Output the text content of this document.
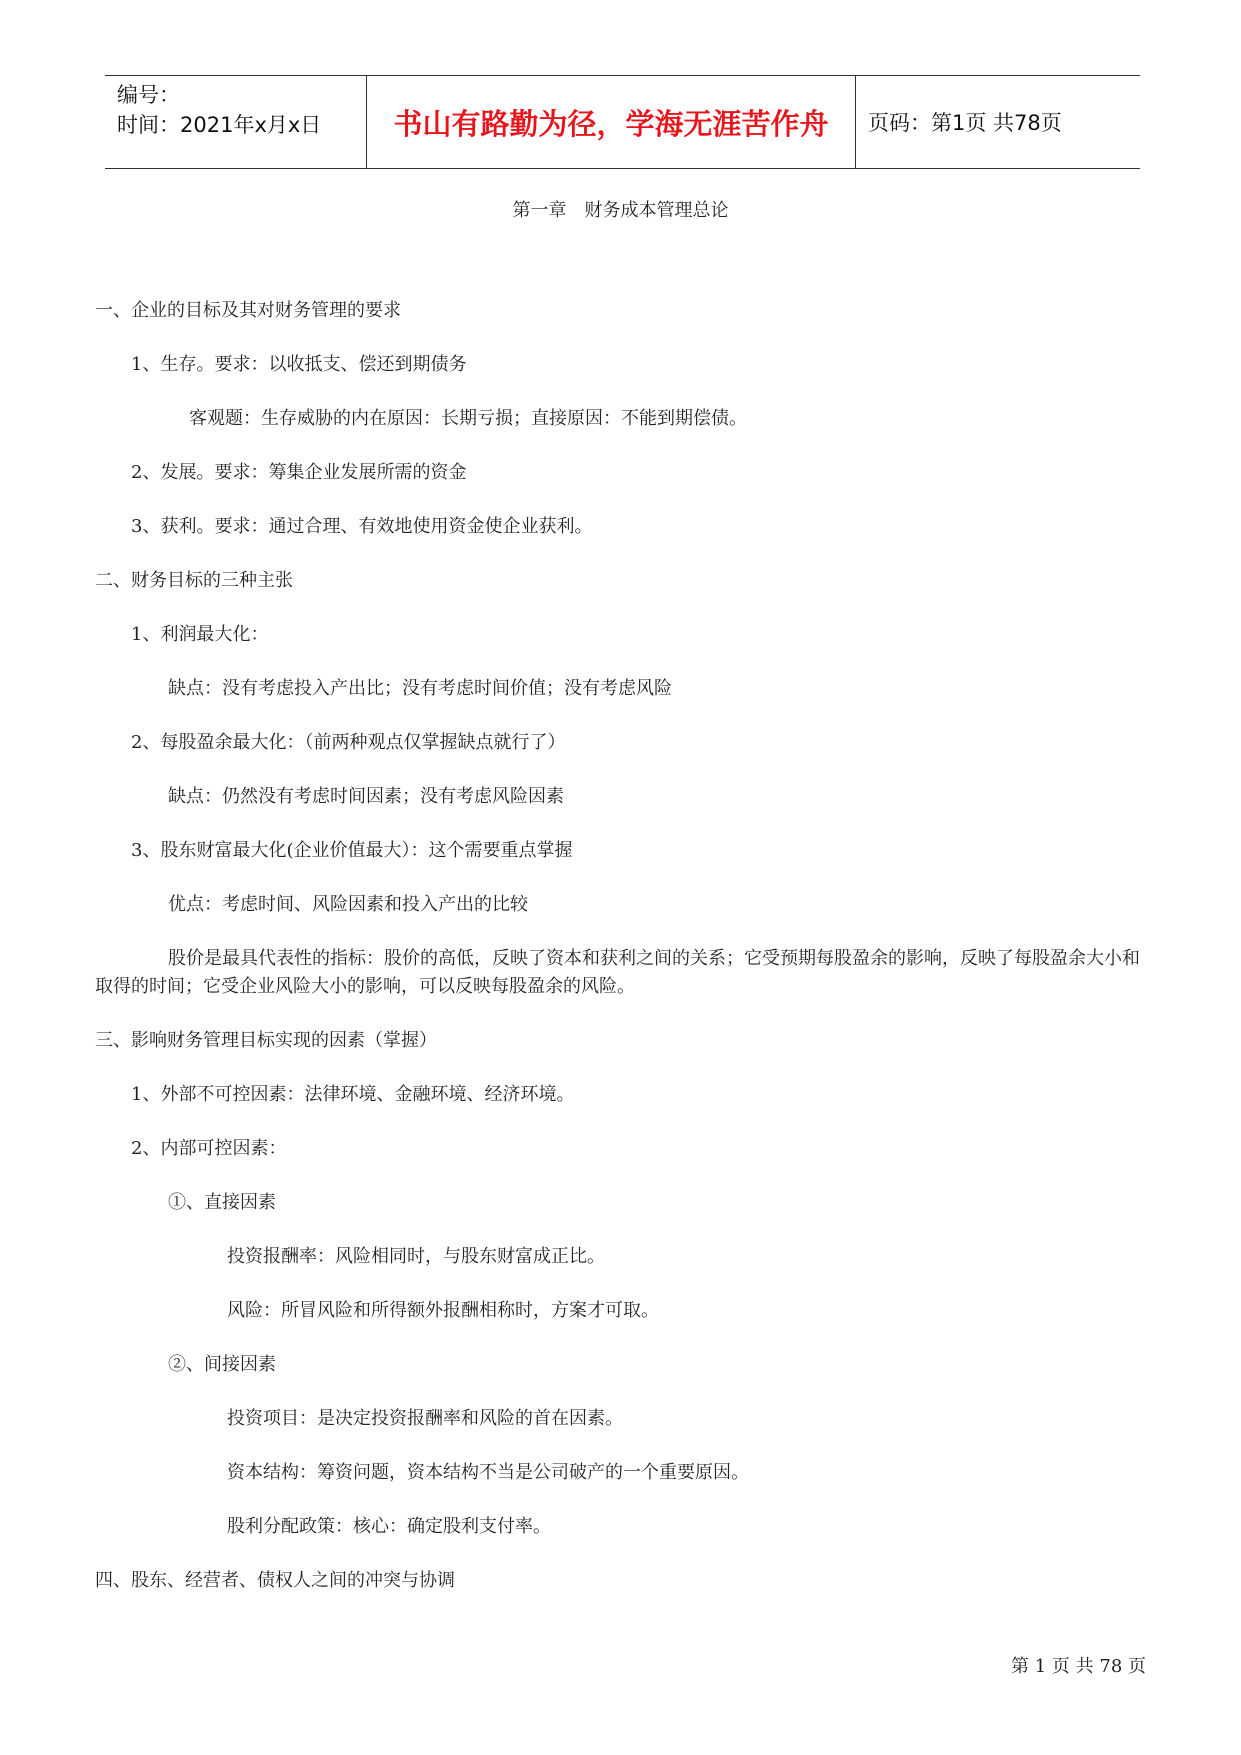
编号：
时间：2021年x月x日	书山有路勤为径，学海无涯苦作舟	页码：第1页 共78页
第一章　财务成本管理总论
一、企业的目标及其对财务管理的要求
1、生存。要求：以收抵支、偿还到期债务
客观题：生存威胁的内在原因：长期亏损；直接原因：不能到期偿债。
2、发展。要求：筹集企业发展所需的资金
3、获利。要求：通过合理、有效地使用资金使企业获利。
二、财务目标的三种主张
1、利润最大化：
缺点：没有考虑投入产出比；没有考虑时间价值；没有考虑风险
2、每股盈余最大化：（前两种观点仅掌握缺点就行了）
缺点：仍然没有考虑时间因素；没有考虑风险因素
3、股东财富最大化(企业价值最大）：这个需要重点掌握
优点：考虑时间、风险因素和投入产出的比较
股价是最具代表性的指标：股价的高低，反映了资本和获利之间的关系；它受预期每股盈余的影响，反映了每股盈余大小和取得的时间；它受企业风险大小的影响，可以反映每股盈余的风险。
三、影响财务管理目标实现的因素（掌握）
1、外部不可控因素：法律环境、金融环境、经济环境。
2、内部可控因素：
①、直接因素
投资报酬率：风险相同时，与股东财富成正比。
风险：所冒风险和所得额外报酬相称时，方案才可取。
②、间接因素
投资项目：是决定投资报酬率和风险的首在因素。
资本结构：筹资问题，资本结构不当是公司破产的一个重要原因。
股利分配政策：核心：确定股利支付率。
四、股东、经营者、债权人之间的冲突与协调
第 1 页 共 78 页
